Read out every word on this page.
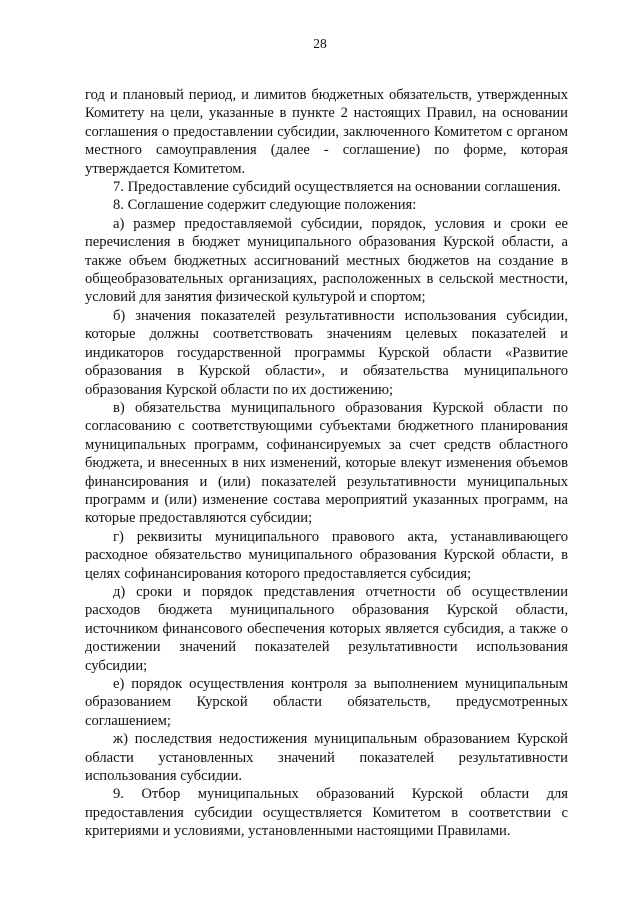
28

год и плановый период, и лимитов бюджетных обязательств, утвержденных Комитету на цели, указанные в пункте 2 настоящих Правил, на основании соглашения о предоставлении субсидии, заключенного Комитетом с органом местного самоуправления (далее - соглашение) по форме, которая утверждается Комитетом.

7. Предоставление субсидий осуществляется на основании соглашения.

8. Соглашение содержит следующие положения:

а) размер предоставляемой субсидии, порядок, условия и сроки ее перечисления в бюджет муниципального образования Курской области, а также объем бюджетных ассигнований местных бюджетов на создание в общеобразовательных организациях, расположенных в сельской местности, условий для занятия физической культурой и спортом;

б) значения показателей результативности использования субсидии, которые должны соответствовать значениям целевых показателей и индикаторов государственной программы Курской области «Развитие образования в Курской области», и обязательства муниципального образования Курской области по их достижению;

в) обязательства муниципального образования Курской области по согласованию с соответствующими субъектами бюджетного планирования муниципальных программ, софинансируемых за счет средств областного бюджета, и внесенных в них изменений, которые влекут изменения объемов финансирования и (или) показателей результативности муниципальных программ и (или) изменение состава мероприятий указанных программ, на которые предоставляются субсидии;

г) реквизиты муниципального правового акта, устанавливающего расходное обязательство муниципального образования Курской области, в целях софинансирования которого предоставляется субсидия;

д) сроки и порядок представления отчетности об осуществлении расходов бюджета муниципального образования Курской области, источником финансового обеспечения которых является субсидия, а также о достижении значений показателей результативности использования субсидии;

е) порядок осуществления контроля за выполнением муниципальным образованием Курской области обязательств, предусмотренных соглашением;

ж) последствия недостижения муниципальным образованием Курской области установленных значений показателей результативности использования субсидии.

9. Отбор муниципальных образований Курской области для предоставления субсидии осуществляется Комитетом в соответствии с критериями и условиями, установленными настоящими Правилами.
